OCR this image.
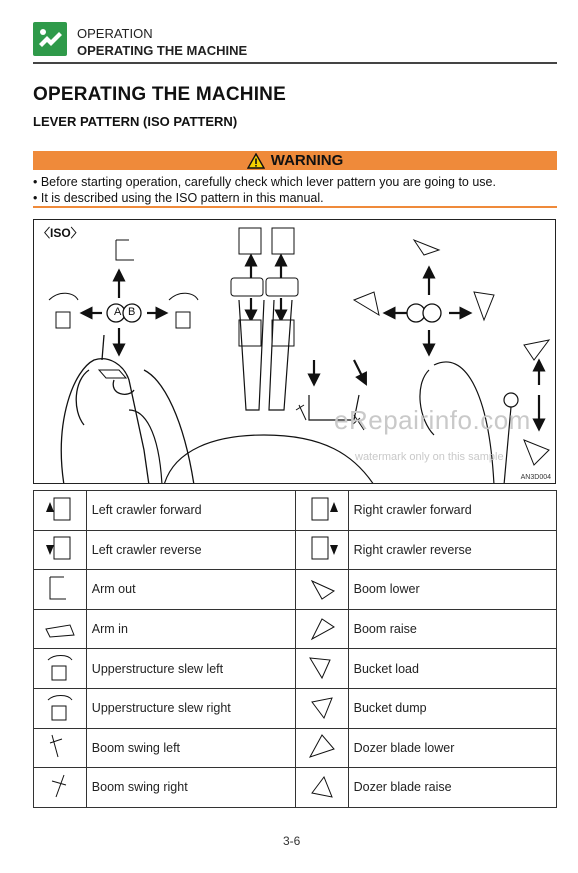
OPERATION
OPERATING THE MACHINE
OPERATING THE MACHINE
LEVER PATTERN (ISO PATTERN)
WARNING
• Before starting operation, carefully check which lever pattern you are going to use.
• It is described using the ISO pattern in this manual.
〈ISO〉
A B
eRepairinfo.com
watermark only on this sample
AN3D004
	Left crawler forward		Right crawler forward
	Left crawler reverse		Right crawler reverse
	Arm out		Boom lower
	Arm in		Boom raise
	Upperstructure slew left		Bucket load
	Upperstructure slew right		Bucket dump
	Boom swing left		Dozer blade lower
	Boom swing right		Dozer blade raise
3-6
